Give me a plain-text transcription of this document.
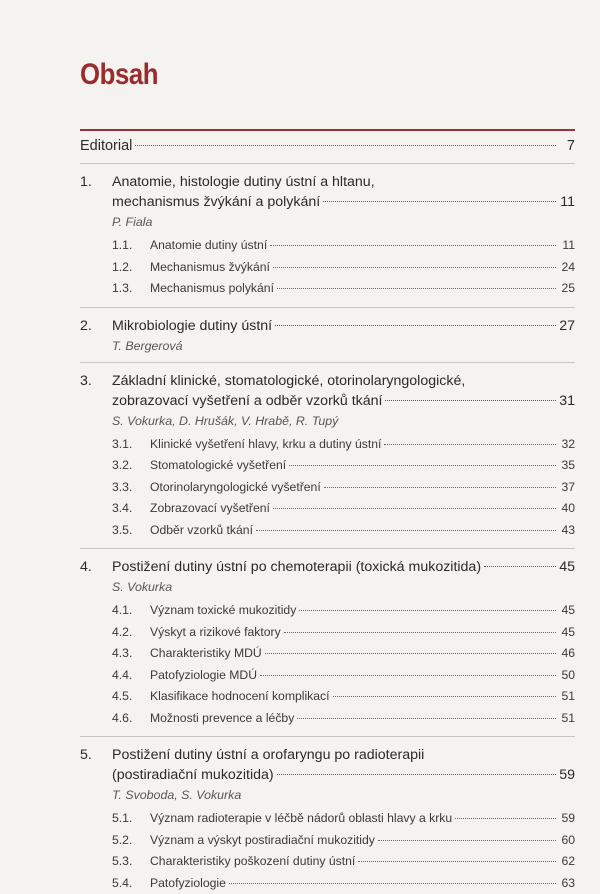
Obsah
Editorial	7
1.	Anatomie, histologie dutiny ústní a hltanu,
mechanismus žvýkání a polykání	11
P. Fiala
1.1.	Anatomie dutiny ústní	11
1.2.	Mechanismus žvýkání	24
1.3.	Mechanismus polykání	25
2.	Mikrobiologie dutiny ústní	27
T. Bergerová
3.	Základní klinické, stomatologické, otorinolaryngologické,
zobrazovací vyšetření a odběr vzorků tkání	31
S. Vokurka, D. Hrušák, V. Hrabě, R. Tupý
3.1.	Klinické vyšetření hlavy, krku a dutiny ústní	32
3.2.	Stomatologické vyšetření	35
3.3.	Otorinolaryngologické vyšetření	37
3.4.	Zobrazovací vyšetření	40
3.5.	Odběr vzorků tkání	43
4.	Postižení dutiny ústní po chemoterapii (toxická mukozitida)	45
S. Vokurka
4.1.	Význam toxické mukozitidy	45
4.2.	Výskyt a rizikové faktory	45
4.3.	Charakteristiky MDÚ	46
4.4.	Patofyziologie MDÚ	50
4.5.	Klasifikace hodnocení komplikací	51
4.6.	Možnosti prevence a léčby	51
5.	Postižení dutiny ústní a orofaryngu po radioterapii
(postiradiační mukozitida)	59
T. Svoboda, S. Vokurka
5.1.	Význam radioterapie v léčbě nádorů oblasti hlavy a krku	59
5.2.	Význam a výskyt postiradiační mukozitidy	60
5.3.	Charakteristiky poškození dutiny ústní	62
5.4.	Patofyziologie	63
